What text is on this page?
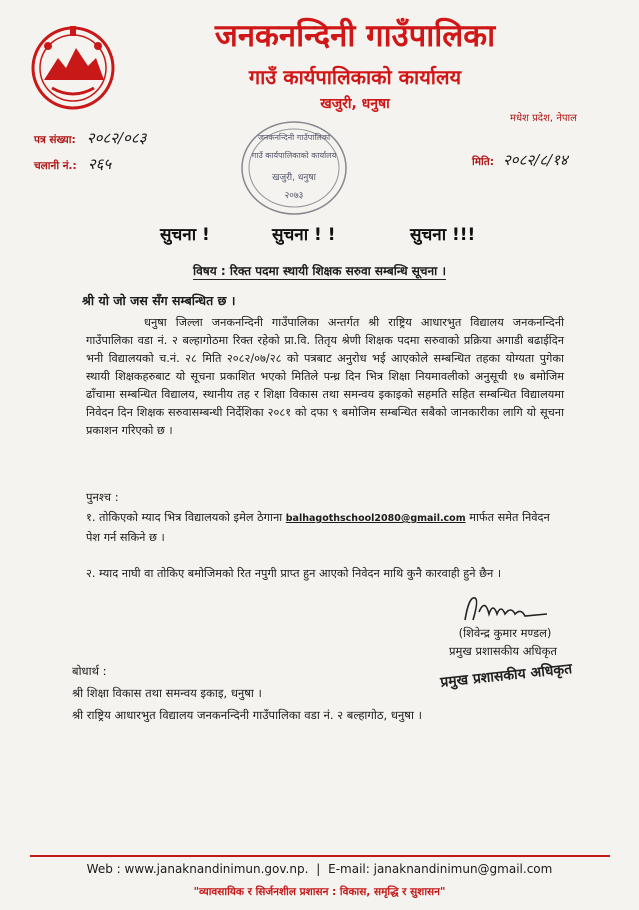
जनकनन्दिनी गाउँपालिका
गाउँ कार्यपालिकाको कार्यालय
खजुरी, धनुषा
मधेश प्रदेश, नेपाल
पत्र संख्या: २०८२/०८३
चलानी नं.: २६५	मिति: २०८२/८/१४
जनकनन्दिनी गाउँपालिका
गाउँ कार्यपालिकाको कार्यालय
खजुरी, धनुषा
२०७३
सुचना !	सुचना ! !	सुचना !!!
विषय : रिक्त पदमा स्थायी शिक्षक सरुवा सम्बन्धि सूचना ।
श्री यो जो जस सँग सम्बन्धित छ ।
धनुषा जिल्ला जनकनन्दिनी गाउँपालिका अन्तर्गत श्री राष्ट्रिय आधारभुत विद्यालय जनकनन्दिनी गाउँपालिका वडा नं. २ बल्हागोठमा रिक्त रहेको प्रा.वि. तितृय श्रेणी शिक्षक पदमा सरुवाको प्रक्रिया अगाडी बढाईदिन भनी विद्यालयको च.नं. २८ मिति २०८२/०७/२८ को पत्रबाट अनुरोध भई आएकोले सम्बन्धित तहका योग्यता पुगेका स्थायी शिक्षकहरुबाट यो सूचना प्रकाशित भएको मितिले पन्ध्र दिन भित्र शिक्षा नियमावलीको अनुसूची १७ बमोजिम ढाँचामा सम्बन्धित विद्यालय, स्थानीय तह र शिक्षा विकास तथा समन्वय इकाइको सहमति सहित सम्बन्धित विद्यालयमा निवेदन दिन शिक्षक सरुवासम्बन्धी निर्देशिका २०८१ को दफा ९ बमोजिम सम्बन्धित सबैको जानकारीका लागि यो सूचना प्रकाशन गरिएको छ ।
पुनश्च :
१. तोकिएको म्याद भित्र विद्यालयको इमेल ठेगाना balhagothschool2080@gmail.com मार्फत समेत निवेदन पेश गर्न सकिने छ ।
२. म्याद नाघी वा तोकिए बमोजिमको रित नपुगी प्राप्त हुन आएको निवेदन माथि कुनै कारवाही हुने छैन ।
(शिवेन्द्र कुमार मण्डल)
प्रमुख प्रशासकीय अधिकृत
प्रमुख प्रशासकीय अधिकृत
बोधार्थ :
श्री शिक्षा विकास तथा समन्वय इकाइ, धनुषा ।
श्री राष्ट्रिय आधारभुत विद्यालय जनकनन्दिनी गाउँपालिका वडा नं. २ बल्हागोठ, धनुषा ।
Web : www.janaknandinimun.gov.np. | E-mail: janaknandinimun@gmail.com
"व्यावसायिक र सिर्जनशील प्रशासन : विकास, समृद्धि र सुशासन"
